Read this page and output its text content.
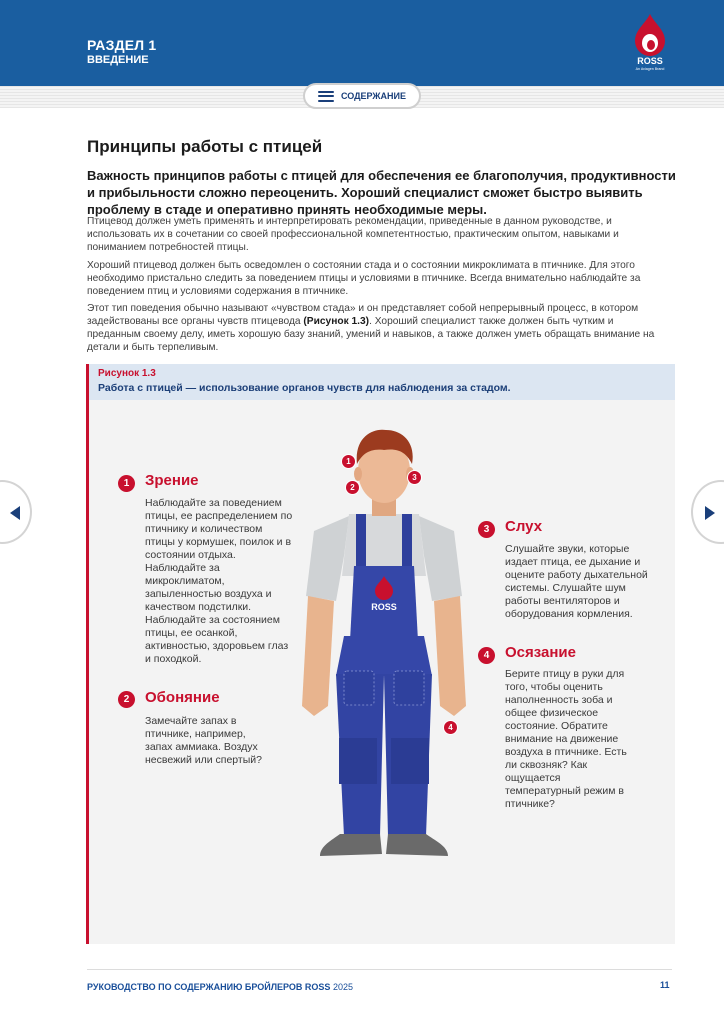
РАЗДЕЛ 1
ВВЕДЕНИЕ	ROSS
An Aviagen Brand
СОДЕРЖАНИЕ
Принципы работы с птицей
Важность принципов работы с птицей для обеспечения ее благополучия, продуктивности и прибыльности сложно переоценить. Хороший специалист сможет быстро выявить проблему в стаде и оперативно принять необходимые меры.
Птицевод должен уметь применять и интерпретировать рекомендации, приведенные в данном руководстве, и использовать их в сочетании со своей профессиональной компетентностью, практическим опытом, навыками и пониманием потребностей птицы.
Хороший птицевод должен быть осведомлен о состоянии стада и о состоянии микроклимата в птичнике. Для этого необходимо пристально следить за поведением птицы и условиями в птичнике. Всегда внимательно наблюдайте за поведением птиц и условиями содержания в птичнике.
Этот тип поведения обычно называют «чувством стада» и он представляет собой непрерывный процесс, в котором задействованы все органы чувств птицевода (Рисунок 1.3). Хороший специалист также должен быть чутким и преданным своему делу, иметь хорошую базу знаний, умений и навыков, а также должен уметь обращать внимание на детали и быть терпеливым.
Рисунок 1.3
Работа с птицей — использование органов чувств для наблюдения за стадом.
ROSS
1
2
3
4
1	Зрение
Наблюдайте за поведением птицы, ее распределением по птичнику и количеством птицы у кормушек, поилок и в состоянии отдыха. Наблюдайте за микроклиматом, запыленностью воздуха и качеством подстилки. Наблюдайте за состоянием птицы, ее осанкой, активностью, здоровьем глаз и походкой.
2	Обоняние
Замечайте запах в птичнике, например, запах аммиака. Воздух несвежий или спертый?
3	Слух
Слушайте звуки, которые издает птица, ее дыхание и оцените работу дыхательной системы. Слушайте шум работы вентиляторов и оборудования кормления.
4	Осязание
Берите птицу в руки для того, чтобы оценить наполненность зоба и общее физическое состояние. Обратите внимание на движение воздуха в птичнике. Есть ли сквозняк? Как ощущается температурный режим в птичнике?
РУКОВОДСТВО ПО СОДЕРЖАНИЮ БРОЙЛЕРОВ ROSS 2025	11
